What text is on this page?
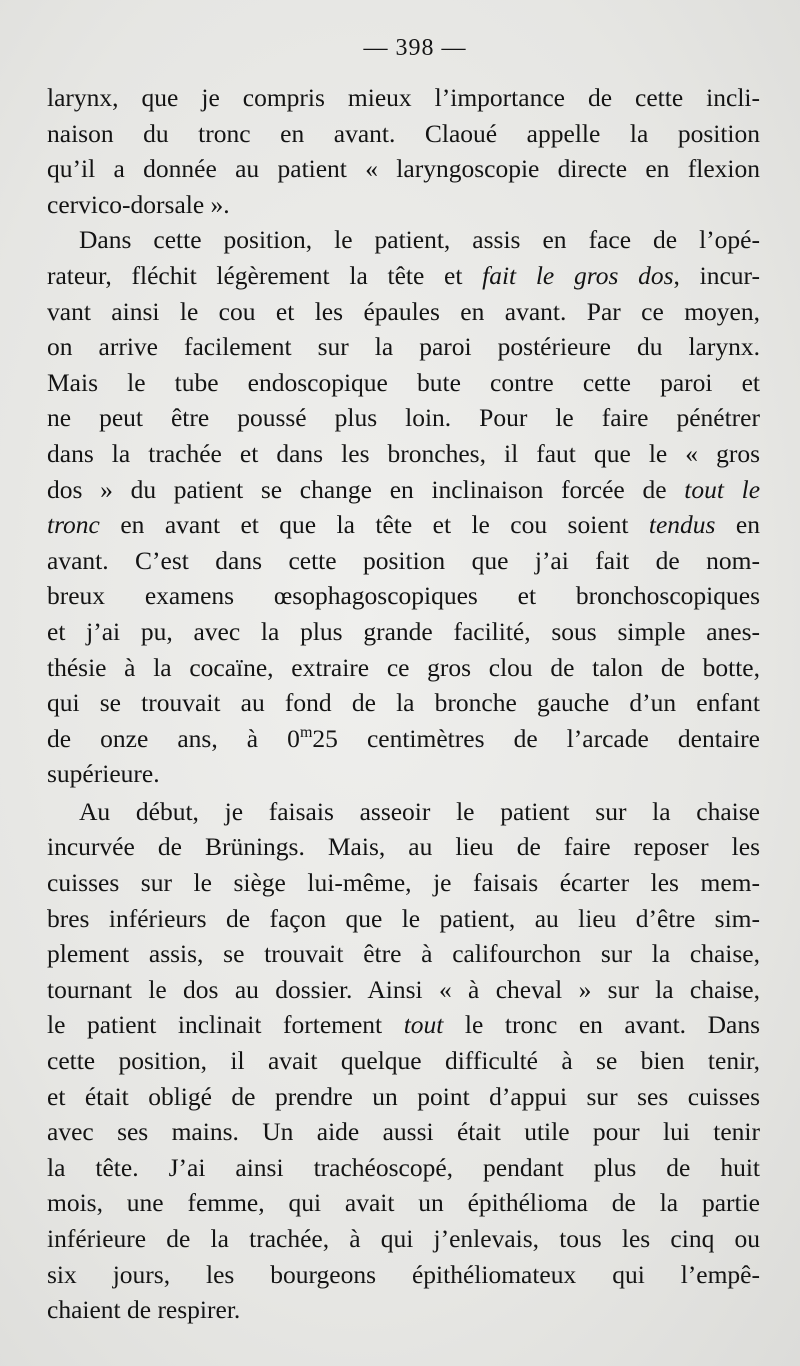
— 398 —
larynx, que je compris mieux l’importance de cette incli-
naison du tronc en avant. Claoué appelle la position
qu’il a donnée au patient « laryngoscopie directe en flexion
cervico-dorsale ».
Dans cette position, le patient, assis en face de l’opé-
rateur, fléchit légèrement la tête et fait le gros dos, incur-
vant ainsi le cou et les épaules en avant. Par ce moyen,
on arrive facilement sur la paroi postérieure du larynx.
Mais le tube endoscopique bute contre cette paroi et
ne peut être poussé plus loin. Pour le faire pénétrer
dans la trachée et dans les bronches, il faut que le « gros
dos » du patient se change en inclinaison forcée de tout le
tronc en avant et que la tête et le cou soient tendus en
avant. C’est dans cette position que j’ai fait de nom-
breux examens œsophagoscopiques et bronchoscopiques
et j’ai pu, avec la plus grande facilité, sous simple anes-
thésie à la cocaïne, extraire ce gros clou de talon de botte,
qui se trouvait au fond de la bronche gauche d’un enfant
de onze ans, à 0$^m$25 centimètres de l’arcade dentaire
supérieure.
Au début, je faisais asseoir le patient sur la chaise
incurvée de Brünings. Mais, au lieu de faire reposer les
cuisses sur le siège lui-même, je faisais écarter les mem-
bres inférieurs de façon que le patient, au lieu d’être sim-
plement assis, se trouvait être à califourchon sur la chaise,
tournant le dos au dossier. Ainsi « à cheval » sur la chaise,
le patient inclinait fortement tout le tronc en avant. Dans
cette position, il avait quelque difficulté à se bien tenir,
et était obligé de prendre un point d’appui sur ses cuisses
avec ses mains. Un aide aussi était utile pour lui tenir
la tête. J’ai ainsi trachéoscopé, pendant plus de huit
mois, une femme, qui avait un épithélioma de la partie
inférieure de la trachée, à qui j’enlevais, tous les cinq ou
six jours, les bourgeons épithéliomateux qui l’empê-
chaient de respirer.
